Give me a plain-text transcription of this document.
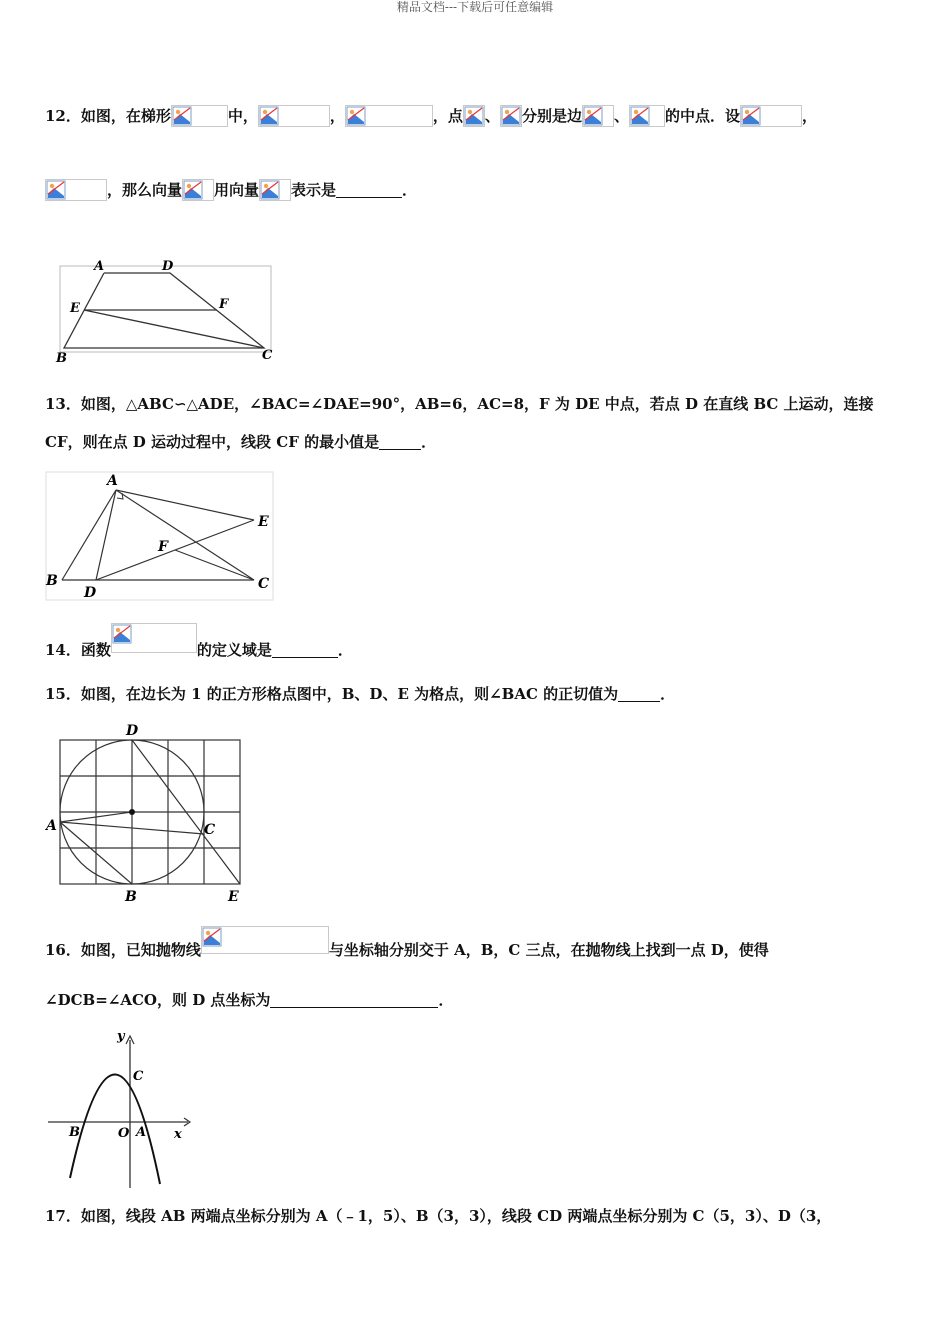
精品文档---下载后可任意编辑
12．如图，在梯形	中，	，	，点 、 分别是边 、 的中点．设	，
，那么向量 用向量 表示是	．
A	D
E	F
B	C
13．如图，△ABC∽△ADE，∠BAC=∠DAE=90°，AB=6，AC=8，F 为 DE 中点，若点 D 在直线 BC 上运动，连接
CF，则在点 D 运动过程中，线段 CF 的最小值是	．
A
E
F
B
D
C
14．函数	的定义域是	．
15．如图，在边长为 1 的正方形格点图中，B、D、E 为格点，则∠BAC 的正切值为	．
D
A	C
B	E
16．如图，已知抛物线	与坐标轴分别交于 A，B，C 三点，在抛物线上找到一点 D，使得
∠DCB=∠ACO，则 D 点坐标为	．
y
C
B	O A x
17．如图，线段 AB 两端点坐标分别为 A（﹣1，5）、B（3，3），线段 CD 两端点坐标分别为 C（5，3）、D（3，
